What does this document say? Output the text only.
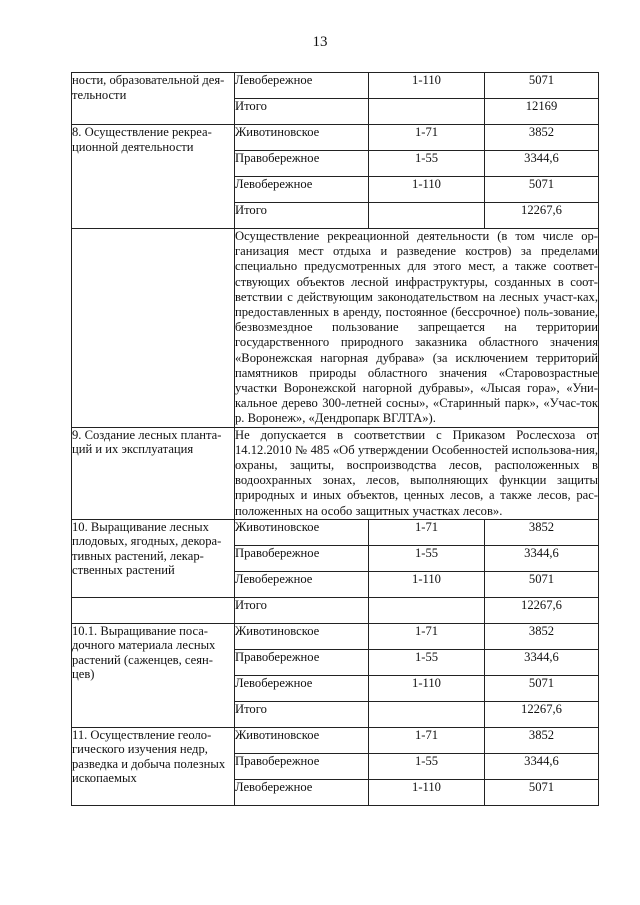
13
ности, образовательной дея-тельности	Левобережное	1-110	5071
	Итого		12169
8. Осуществление рекреа-ционной деятельности	Животиновское	1-71	3852
	Правобережное	1-55	3344,6
	Левобережное	1-110	5071
	Итого		12267,6
	Осуществление рекреационной деятельности (в том числе ор-ганизация мест отдыха и разведение костров) за пределами специально предусмотренных для этого мест, а также соответ-ствующих объектов лесной инфраструктуры, созданных в соот-ветствии с действующим законодательством на лесных участ-ках, предоставленных в аренду, постоянное (бессрочное) поль-зование, безвозмездное пользование запрещается на территории государственного природного заказника областного значения «Воронежская нагорная дубрава» (за исключением территорий памятников природы областного значения «Старовозрастные участки Воронежской нагорной дубравы», «Лысая гора», «Уни-кальное дерево 300-летней сосны», «Старинный парк», «Учас-ток р. Воронеж», «Дендропарк ВГЛТА»).		
9. Создание лесных планта-ций и их эксплуатация	Не допускается в соответствии с Приказом Рослесхоза от 14.12.2010 № 485 «Об утверждении Особенностей использова-ния, охраны, защиты, воспроизводства лесов, расположенных в водоохранных зонах, лесов, выполняющих функции защиты природных и иных объектов, ценных лесов, а также лесов, рас-положенных на особо защитных участках лесов».		
10. Выращивание лесных плодовых, ягодных, декора-тивных растений, лекар-ственных растений	Животиновское	1-71	3852
	Правобережное	1-55	3344,6
	Левобережное	1-110	5071
	Итого		12267,6
10.1. Выращивание поса-дочного материала лесных растений (саженцев, сеян-цев)	Животиновское	1-71	3852
	Правобережное	1-55	3344,6
	Левобережное	1-110	5071
	Итого		12267,6
11. Осуществление геоло-гического изучения недр, разведка и добыча полезных ископаемых	Животиновское	1-71	3852
	Правобережное	1-55	3344,6
	Левобережное	1-110	5071
